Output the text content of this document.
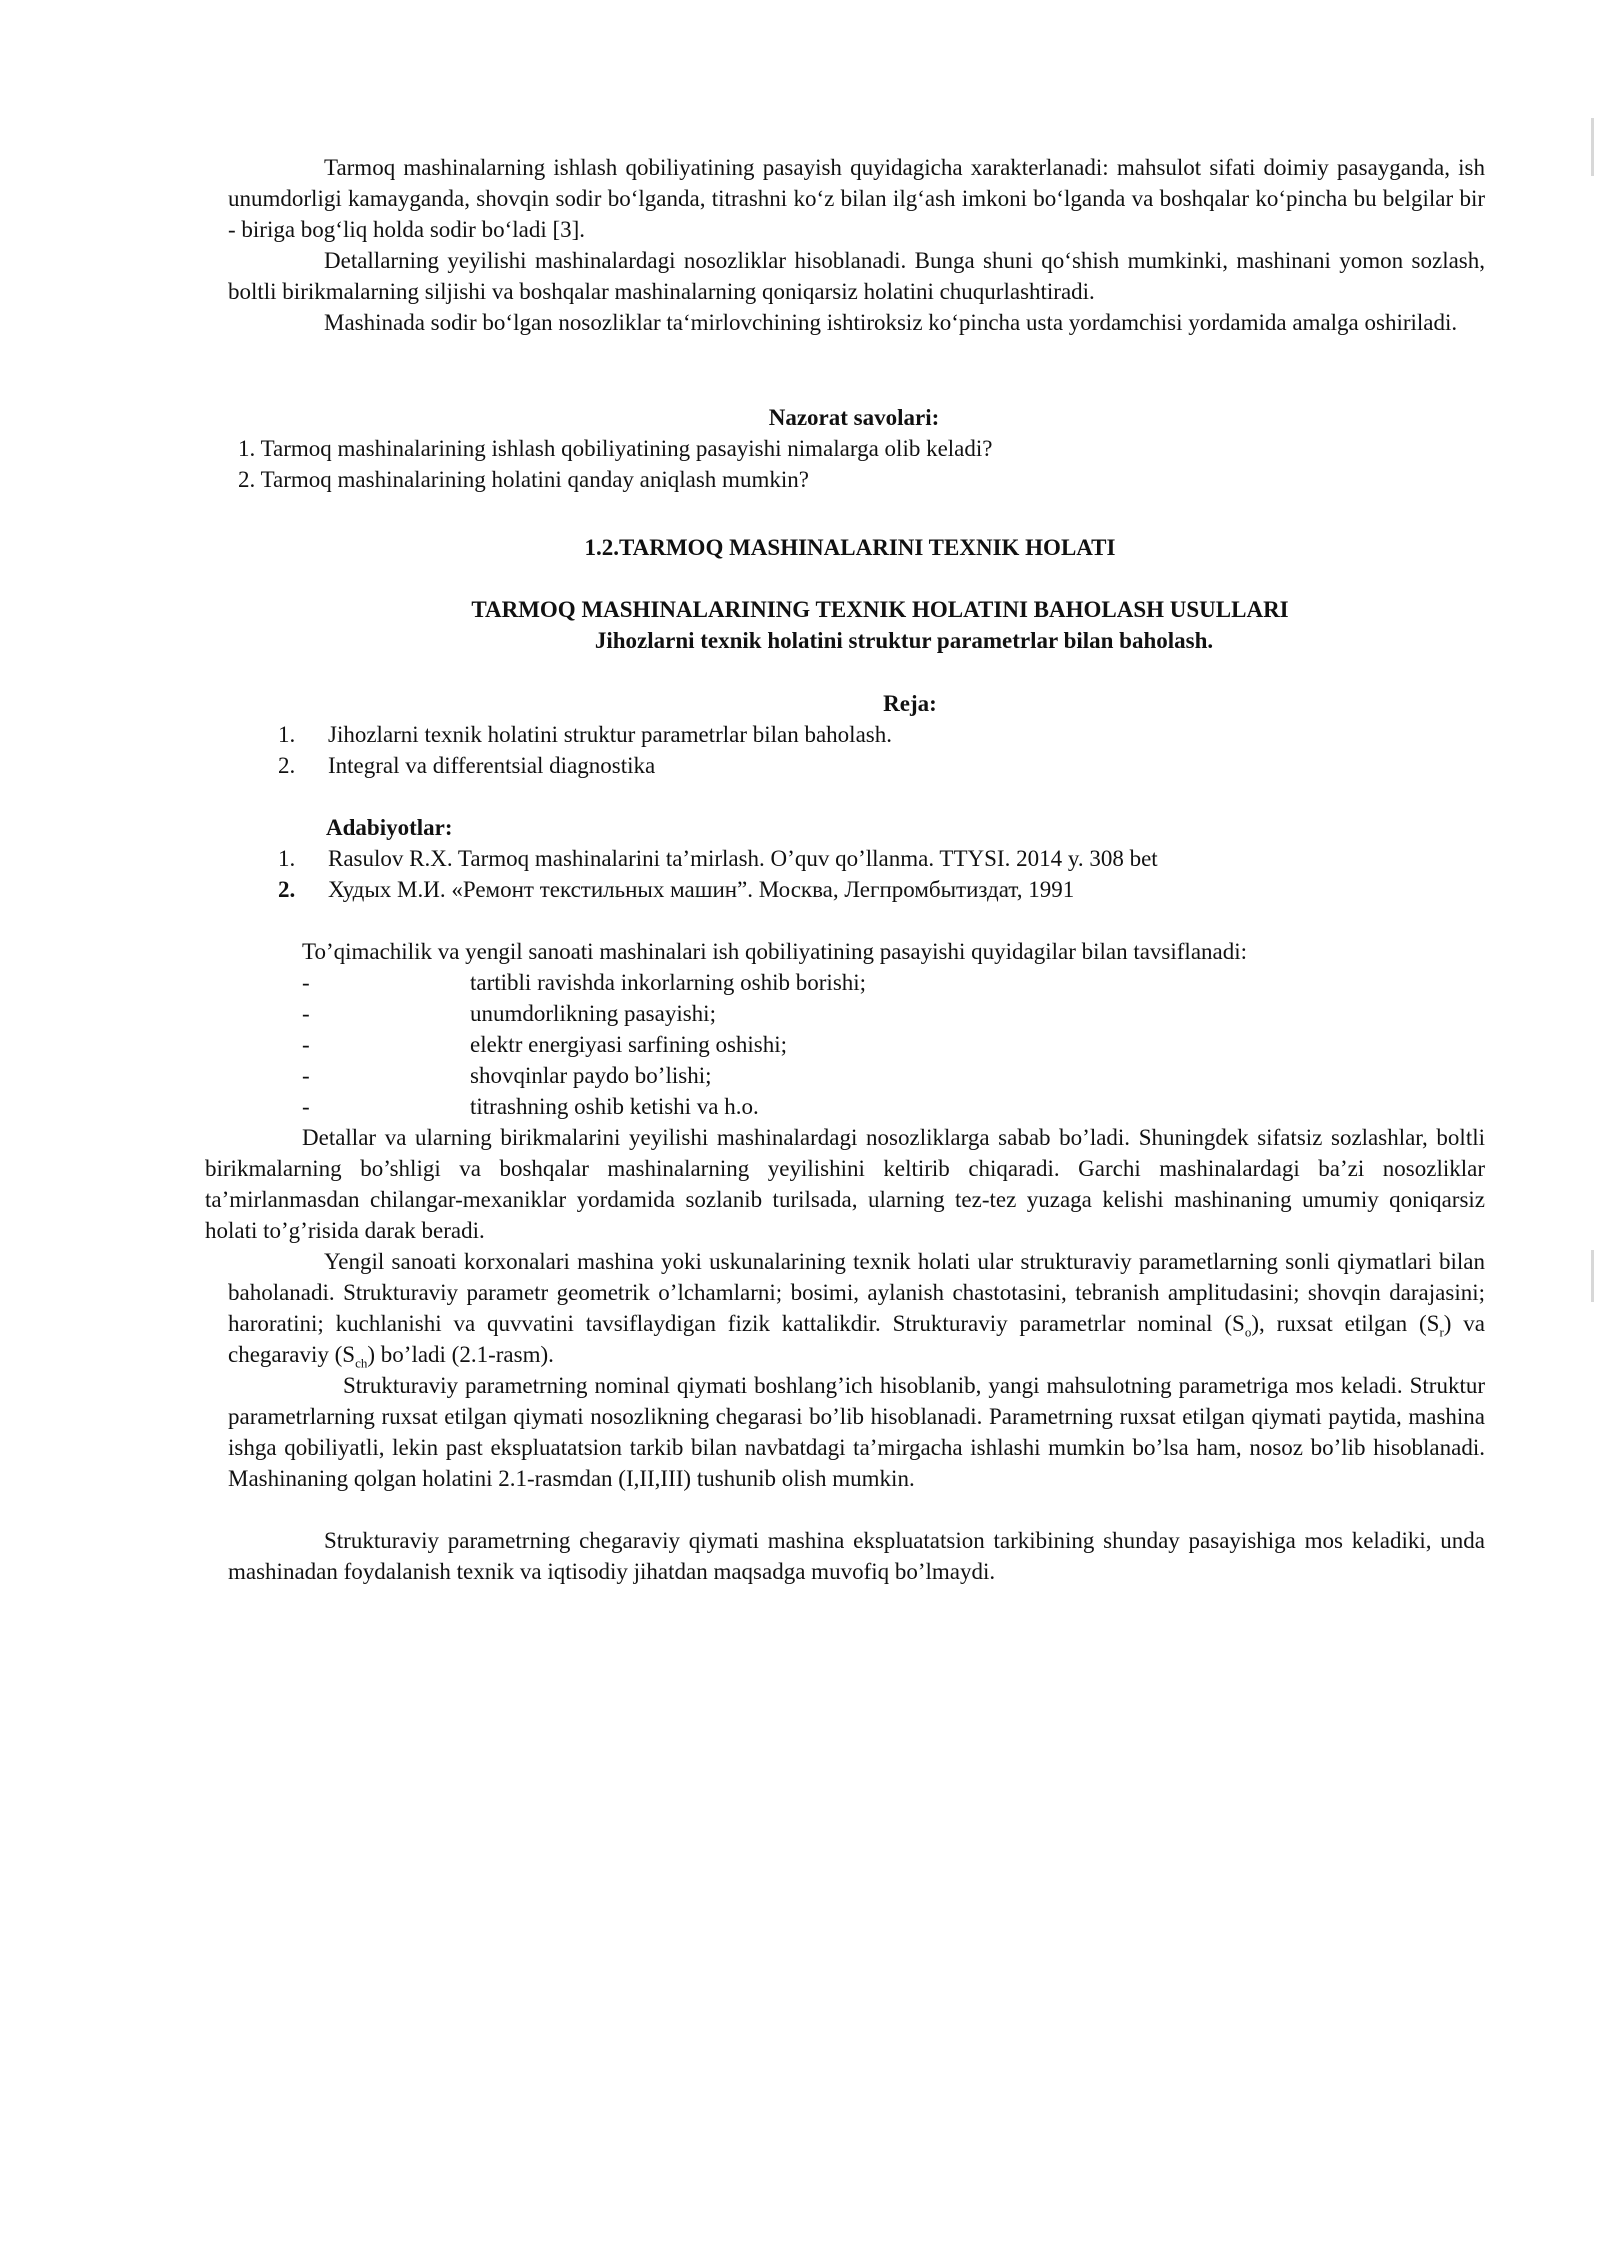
Tarmoq mashinalarning ishlash qobiliyatining pasayish quyidagicha xarakterlanadi: mahsulot sifati doimiy pasayganda, ish unumdorligi kamayganda, shovqin sodir bo‘lganda, titrashni ko‘z bilan ilg‘ash imkoni bo‘lganda va boshqalar ko‘pincha bu belgilar bir - biriga bog‘liq holda sodir bo‘ladi [3].

Detallarning yeyilishi mashinalardagi nosozliklar hisoblanadi. Bunga shuni qo‘shish mumkinki, mashinani yomon sozlash, boltli birikmalarning siljishi va boshqalar mashinalarning qoniqarsiz holatini chuqurlashtiradi.

Mashinada sodir bo‘lgan nosozliklar ta‘mirlovchining ishtiroksiz ko‘pincha usta yordamchisi yordamida amalga oshiriladi.

Nazorat savolari:
1. Tarmoq mashinalarining ishlash qobiliyatining pasayishi nimalarga olib keladi?
2. Tarmoq mashinalarining holatini qanday aniqlash mumkin?
1.2.TARMOQ MASHINALARINI TEXNIK HOLATI
TARMOQ MASHINALARINING TEXNIK HOLATINI BAHOLASH USULLARI
Jihozlarni texnik holatini struktur parametrlar bilan baholash.
Reja:
1. Jihozlarni texnik holatini struktur parametrlar bilan baholash.
2. Integral va differentsial diagnostika
Adabiyotlar:
1. Rasulov R.X. Tarmoq mashinalarini ta’mirlash. O’quv qo’llanma. TTYSI. 2014 y. 308 bet
2. Худых М.И. «Ремонт текстильных машин”. Москва, Легпромбытиздат, 1991
To’qimachilik va yengil sanoati mashinalari ish qobiliyatining pasayishi quyidagilar bilan tavsiflanadi:
-	tartibli ravishda inkorlarning oshib borishi;
-	unumdorlikning pasayishi;
-	elektr energiyasi sarfining oshishi;
-	shovqinlar paydo bo’lishi;
-	titrashning oshib ketishi va h.o.

Detallar va ularning birikmalarini yeyilishi mashinalardagi nosozliklarga sabab bo’ladi. Shuningdek sifatsiz sozlashlar, boltli birikmalarning bo’shligi va boshqalar mashinalarning yeyilishini keltirib chiqaradi. Garchi mashinalardagi ba’zi nosozliklar ta’mirlanmasdan chilangar-mexaniklar yordamida sozlanib turilsada, ularning tez-tez yuzaga kelishi mashinaning umumiy qoniqarsiz holati to’g’risida darak beradi.

Yengil sanoati korxonalari mashina yoki uskunalarining texnik holati ular strukturaviy parametlarning sonli qiymatlari bilan baholanadi. Strukturaviy parametr geometrik o’lchamlarni; bosimi, aylanish chastotasini, tebranish amplitudasini; shovqin darajasini; haroratini; kuchlanishi va quvvatini tavsiflaydigan fizik kattalikdir. Strukturaviy parametrlar nominal $(S_o)$, ruxsat etilgan $(S_r)$ va chegaraviy $(S_{ch})$ bo’ladi (2.1-rasm).

Strukturaviy parametrning nominal qiymati boshlang’ich hisoblanib, yangi mahsulotning parametriga mos keladi. Struktur parametrlarning ruxsat etilgan qiymati nosozlikning chegarasi bo’lib hisoblanadi. Parametrning ruxsat etilgan qiymati paytida, mashina ishga qobiliyatli, lekin past ekspluatatsion tarkib bilan navbatdagi ta’mirgacha ishlashi mumkin bo’lsa ham, nosoz bo’lib hisoblanadi. Mashinaning qolgan holatini 2.1-rasmdan (I,II,III) tushunib olish mumkin.

Strukturaviy parametrning chegaraviy qiymati mashina ekspluatatsion tarkibining shunday pasayishiga mos keladiki, unda mashinadan foydalanish texnik va iqtisodiy jihatdan maqsadga muvofiq bo’lmaydi.
